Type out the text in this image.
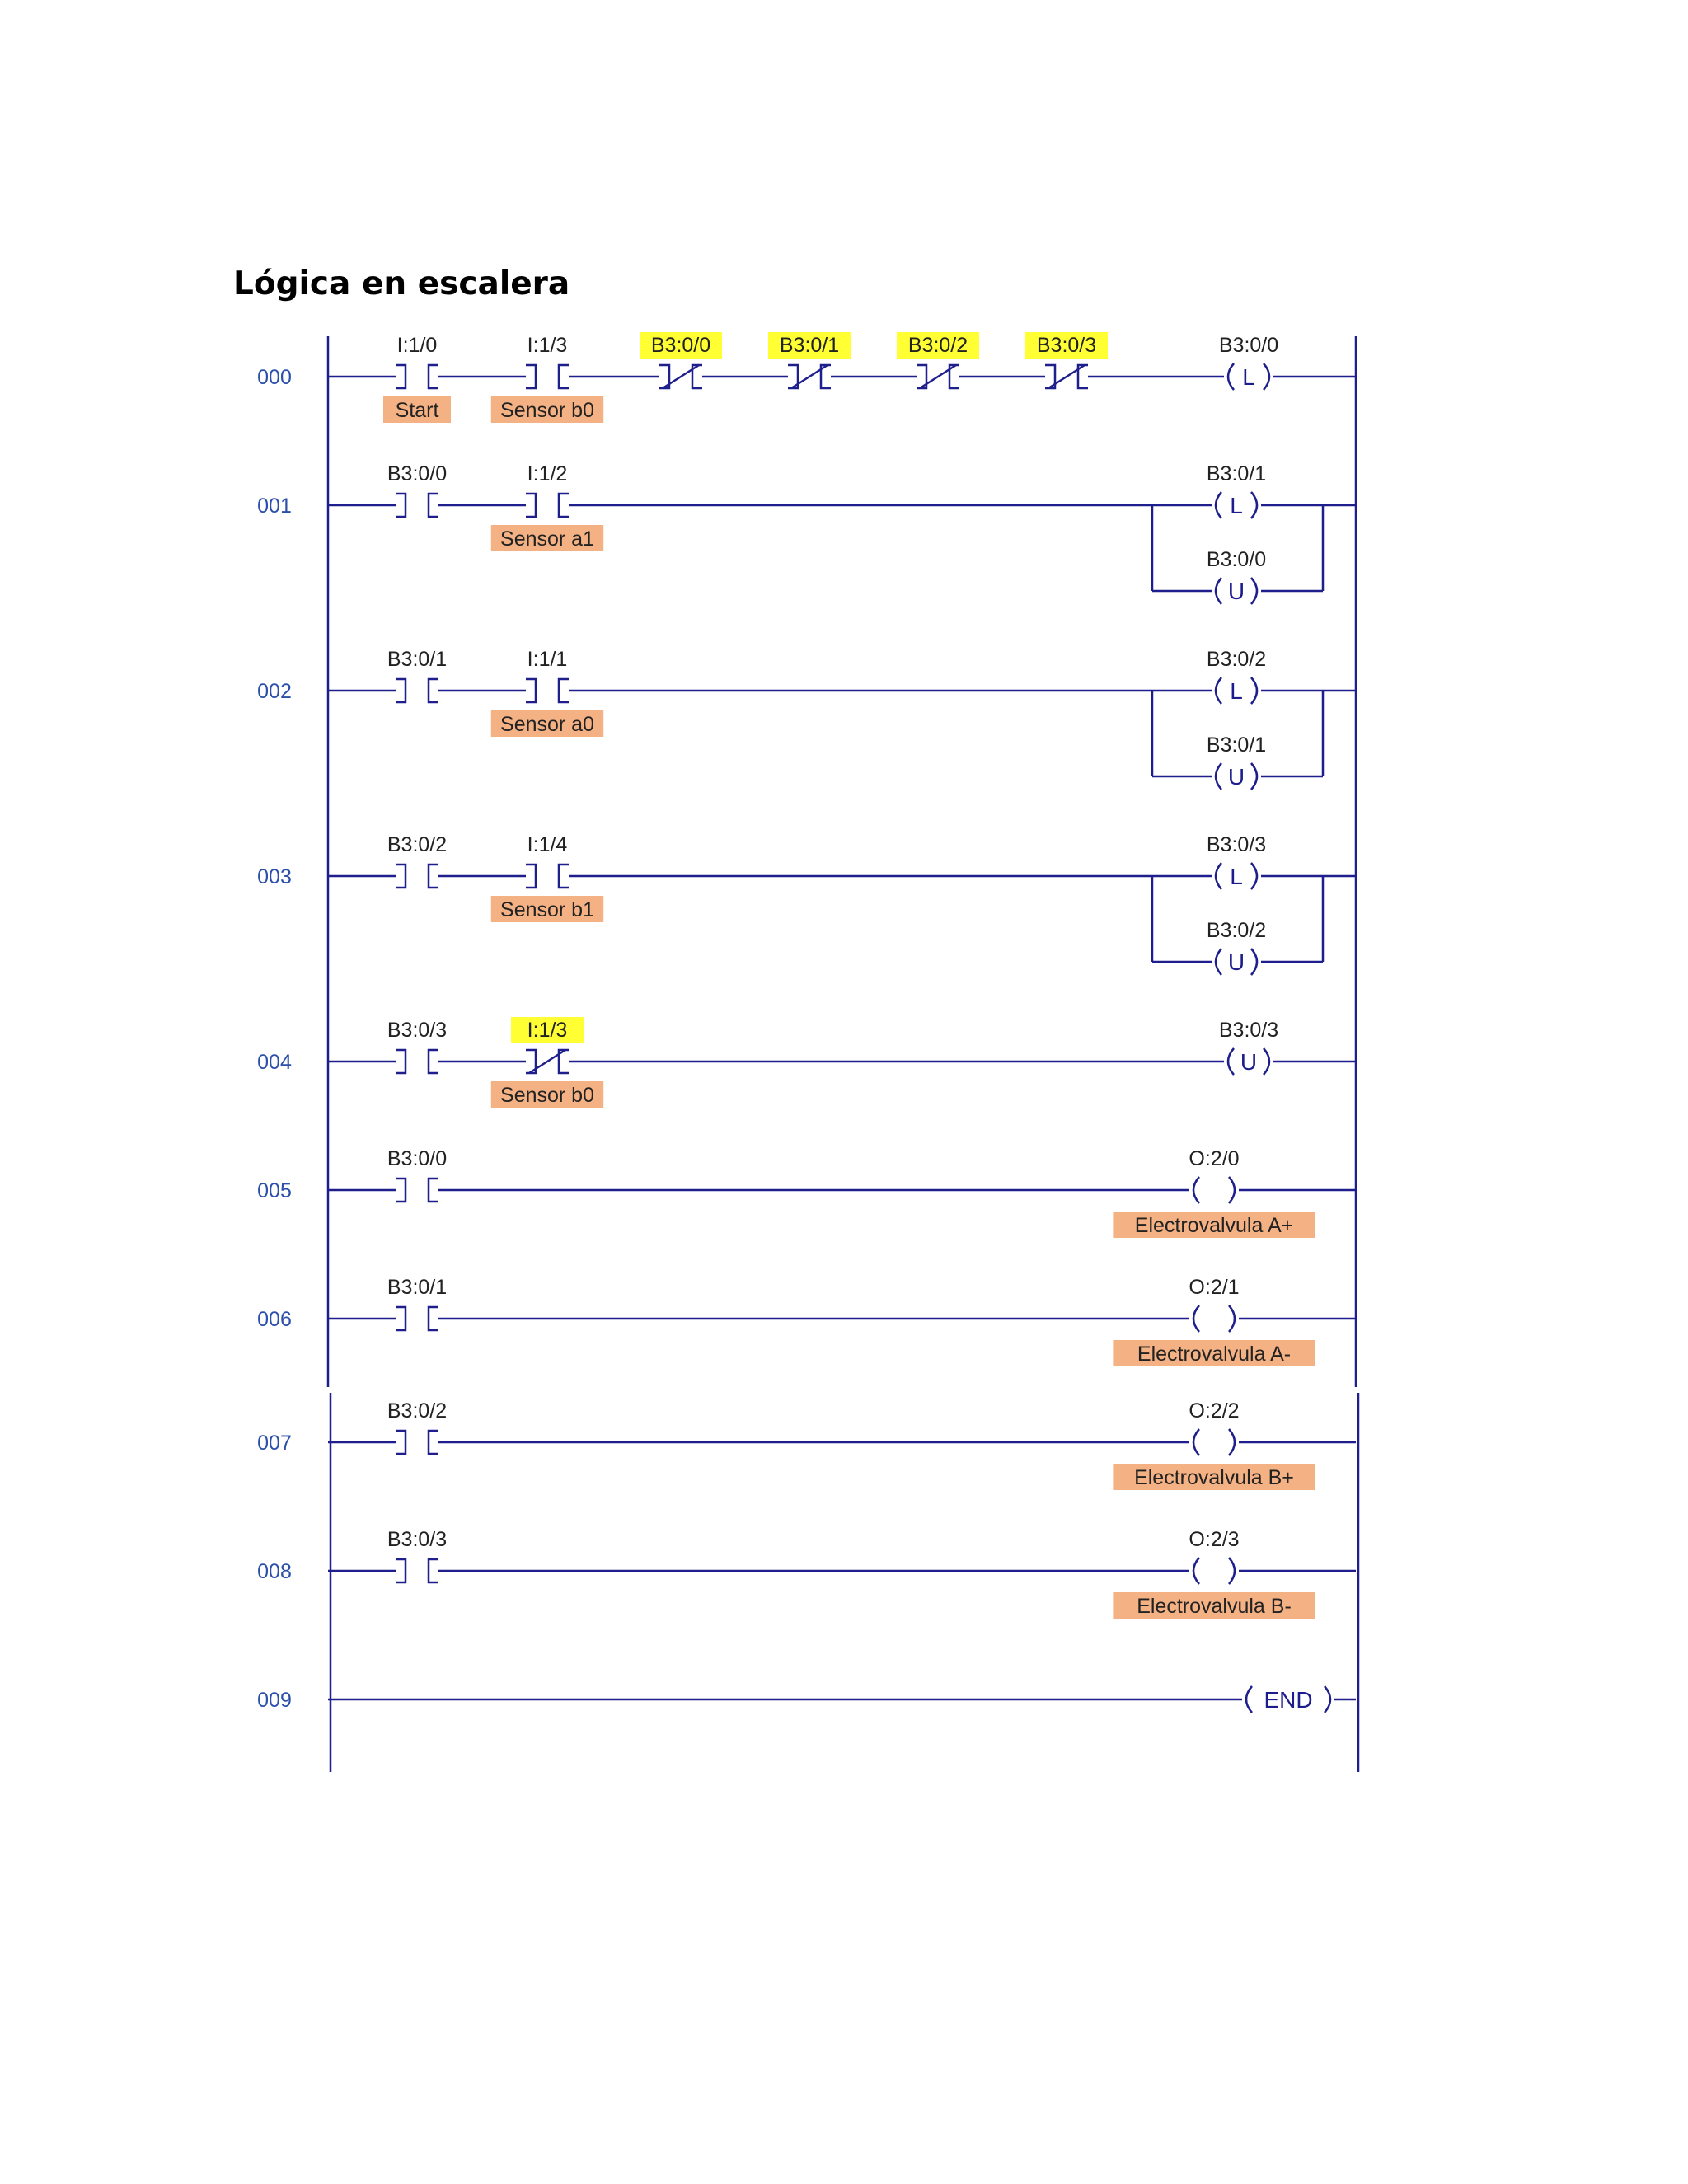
Lógica en escalera
000
I:1/0
Start
I:1/3
Sensor b0
B3:0/0	B3:0/1	B3:0/2	B3:0/3
L
B3:0/0
001
B3:0/0	I:1/2
Sensor a1
L
B3:0/1
U
B3:0/0
002
B3:0/1	I:1/1
Sensor a0
L
B3:0/2
U
B3:0/1
003
B3:0/2	I:1/4
Sensor b1
L
B3:0/3
U
B3:0/2
004
B3:0/3	I:1/3
Sensor b0
U
B3:0/3
005
B3:0/0	O:2/0
Electrovalvula A+
006
B3:0/1	O:2/1
Electrovalvula A-
007
B3:0/2	O:2/2
Electrovalvula B+
008
B3:0/3	O:2/3
Electrovalvula B-
009	END
